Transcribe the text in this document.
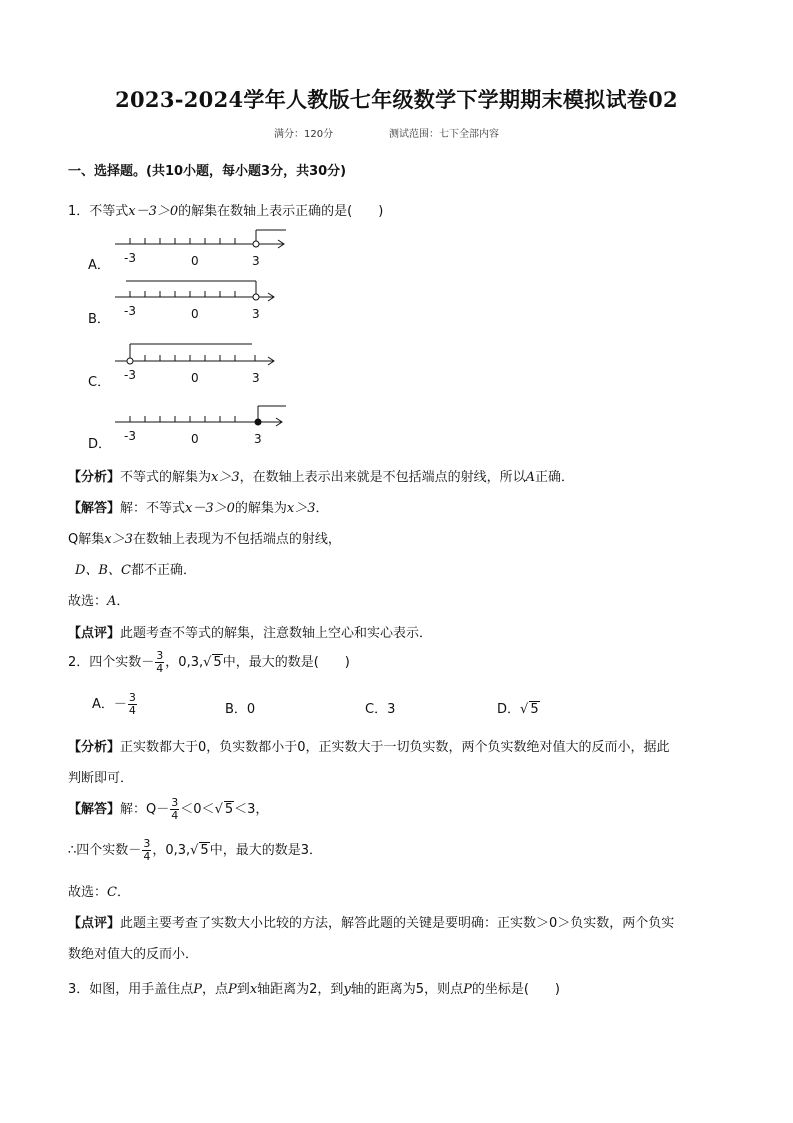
2023-2024学年人教版七年级数学下学期期末模拟试卷02
满分：120分	测试范围：七下全部内容
一、选择题。(共10小题，每小题3分，共30分)
1．不等式x－3＞0的解集在数轴上表示正确的是(　　)
A．
B．
C．
D．
-3	0	3
-3	0	3
-3	0	3
-3	0	3
【分析】不等式的解集为x＞3，在数轴上表示出来就是不包括端点的射线，所以A正确．
【解答】解：不等式x－3＞0的解集为x＞3．
Q解集x＞3在数轴上表现为不包括端点的射线，
D、B、C都不正确．
故选：A．
【点评】此题考查不等式的解集，注意数轴上空心和实心表示．
2．四个实数－ $\frac{3}{4}$ ，0,3,√ 5中，最大的数是(　　)
A．－ $\frac{3}{4}$	B．0	C．3	D．√ 5
【分析】正实数都大于0，负实数都小于0，正实数大于一切负实数，两个负实数绝对值大的反而小，据此
判断即可．
【解答】解：$Q- \frac{3}{4} <0<√$ 5＜3，
∴四个实数－ $\frac{3}{4}$ ，0,3,√ 5中，最大的数是3．
故选：C．
【点评】此题主要考查了实数大小比较的方法，解答此题的关键是要明确：正实数＞0＞负实数，两个负实
数绝对值大的反而小．
3．如图，用手盖住点P，点P到x轴距离为2，到y轴的距离为5，则点P的坐标是(　　)
